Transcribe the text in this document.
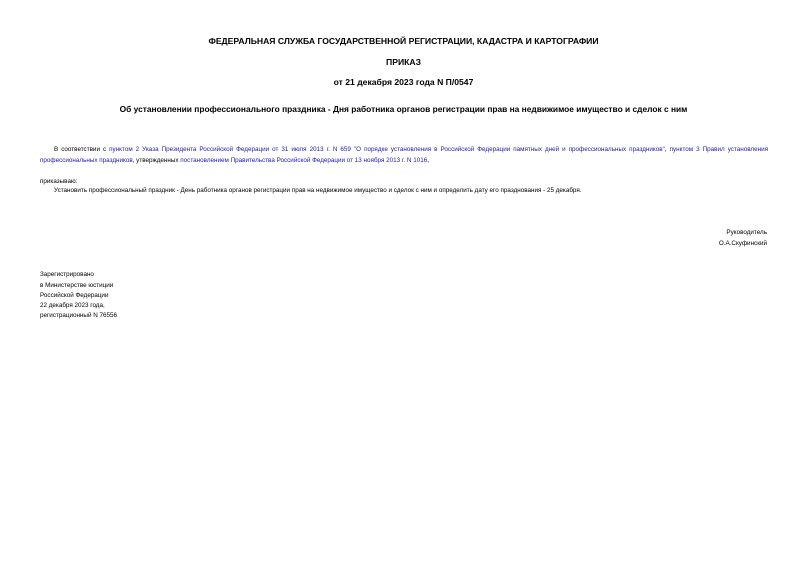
ФЕДЕРАЛЬНАЯ СЛУЖБА ГОСУДАРСТВЕННОЙ РЕГИСТРАЦИИ, КАДАСТРА И КАРТОГРАФИИ
ПРИКАЗ
от 21 декабря 2023 года N П/0547
Об установлении профессионального праздника - Дня работника органов регистрации прав на недвижимое имущество и сделок с ним
В соответствии с пунктом 2 Указа Президента Российской Федерации от 31 июля 2013 г. N 659 "О порядке установления в Российской Федерации памятных дней и профессиональных праздников", пунктом 3 Правил установления профессиональных праздников, утвержденных постановлением Правительства Российской Федерации от 13 ноября 2013 г. N 1016,
приказываю:
Установить профессиональный праздник - День работника органов регистрации прав на недвижимое имущество и сделок с ним и определить дату его празднования - 25 декабря.
Руководитель
О.А.Скуфинский
Зарегистрировано
в Министерстве юстиции
Российской Федерации
22 декабря 2023 года,
регистрационный N 76556
